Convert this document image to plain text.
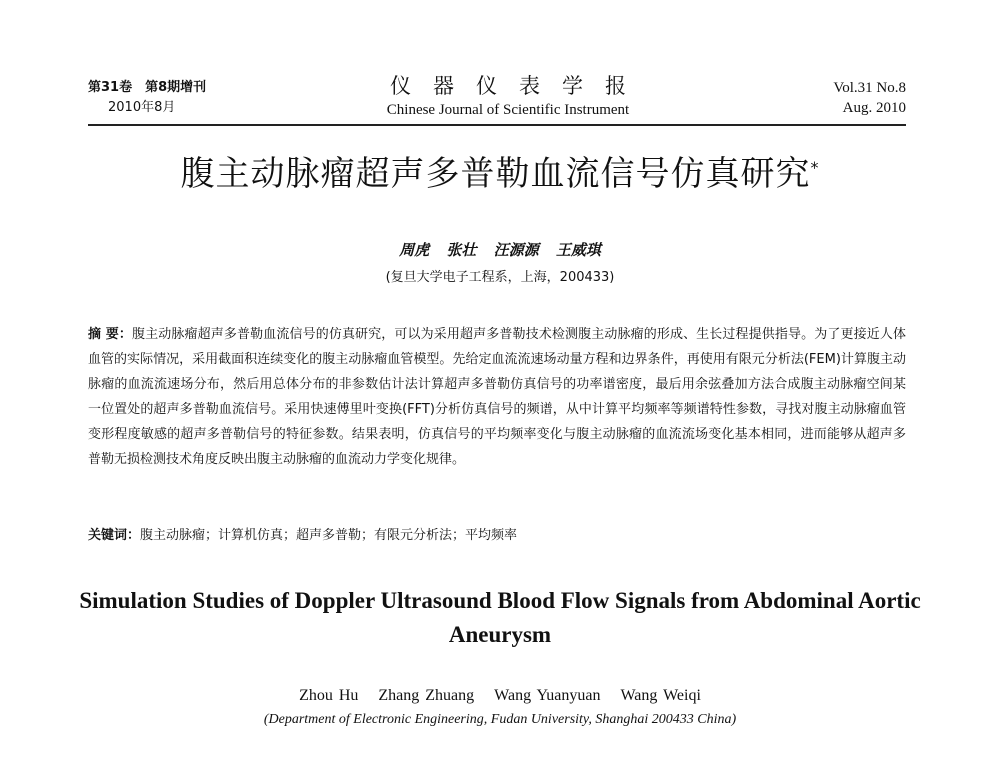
第31卷　第8期增刊
2010年8月
仪器仪表学报
Chinese Journal of Scientific Instrument
Vol.31 No.8
Aug. 2010
腹主动脉瘤超声多普勒血流信号仿真研究*
周虎 张壮 汪源源 王威琪
(复旦大学电子工程系，上海，200433)
摘 要：腹主动脉瘤超声多普勒血流信号的仿真研究，可以为采用超声多普勒技术检测腹主动脉瘤的形成、生长过程提供指导。为了更接近人体血管的实际情况，采用截面积连续变化的腹主动脉瘤血管模型。先给定血流流速场动量方程和边界条件，再使用有限元分析法(FEM)计算腹主动脉瘤的血流流速场分布，然后用总体分布的非参数估计法计算超声多普勒仿真信号的功率谱密度，最后用余弦叠加方法合成腹主动脉瘤空间某一位置处的超声多普勒血流信号。采用快速傅里叶变换(FFT)分析仿真信号的频谱，从中计算平均频率等频谱特性参数，寻找对腹主动脉瘤血管变形程度敏感的超声多普勒信号的特征参数。结果表明，仿真信号的平均频率变化与腹主动脉瘤的血流流场变化基本相同，进而能够从超声多普勒无损检测技术角度反映出腹主动脉瘤的血流动力学变化规律。
关键词：腹主动脉瘤；计算机仿真；超声多普勒；有限元分析法；平均频率
Simulation Studies of Doppler Ultrasound Blood Flow Signals from Abdominal Aortic Aneurysm
Zhou Hu Zhang Zhuang Wang Yuanyuan Wang Weiqi
(Department of Electronic Engineering, Fudan University, Shanghai 200433 China)
